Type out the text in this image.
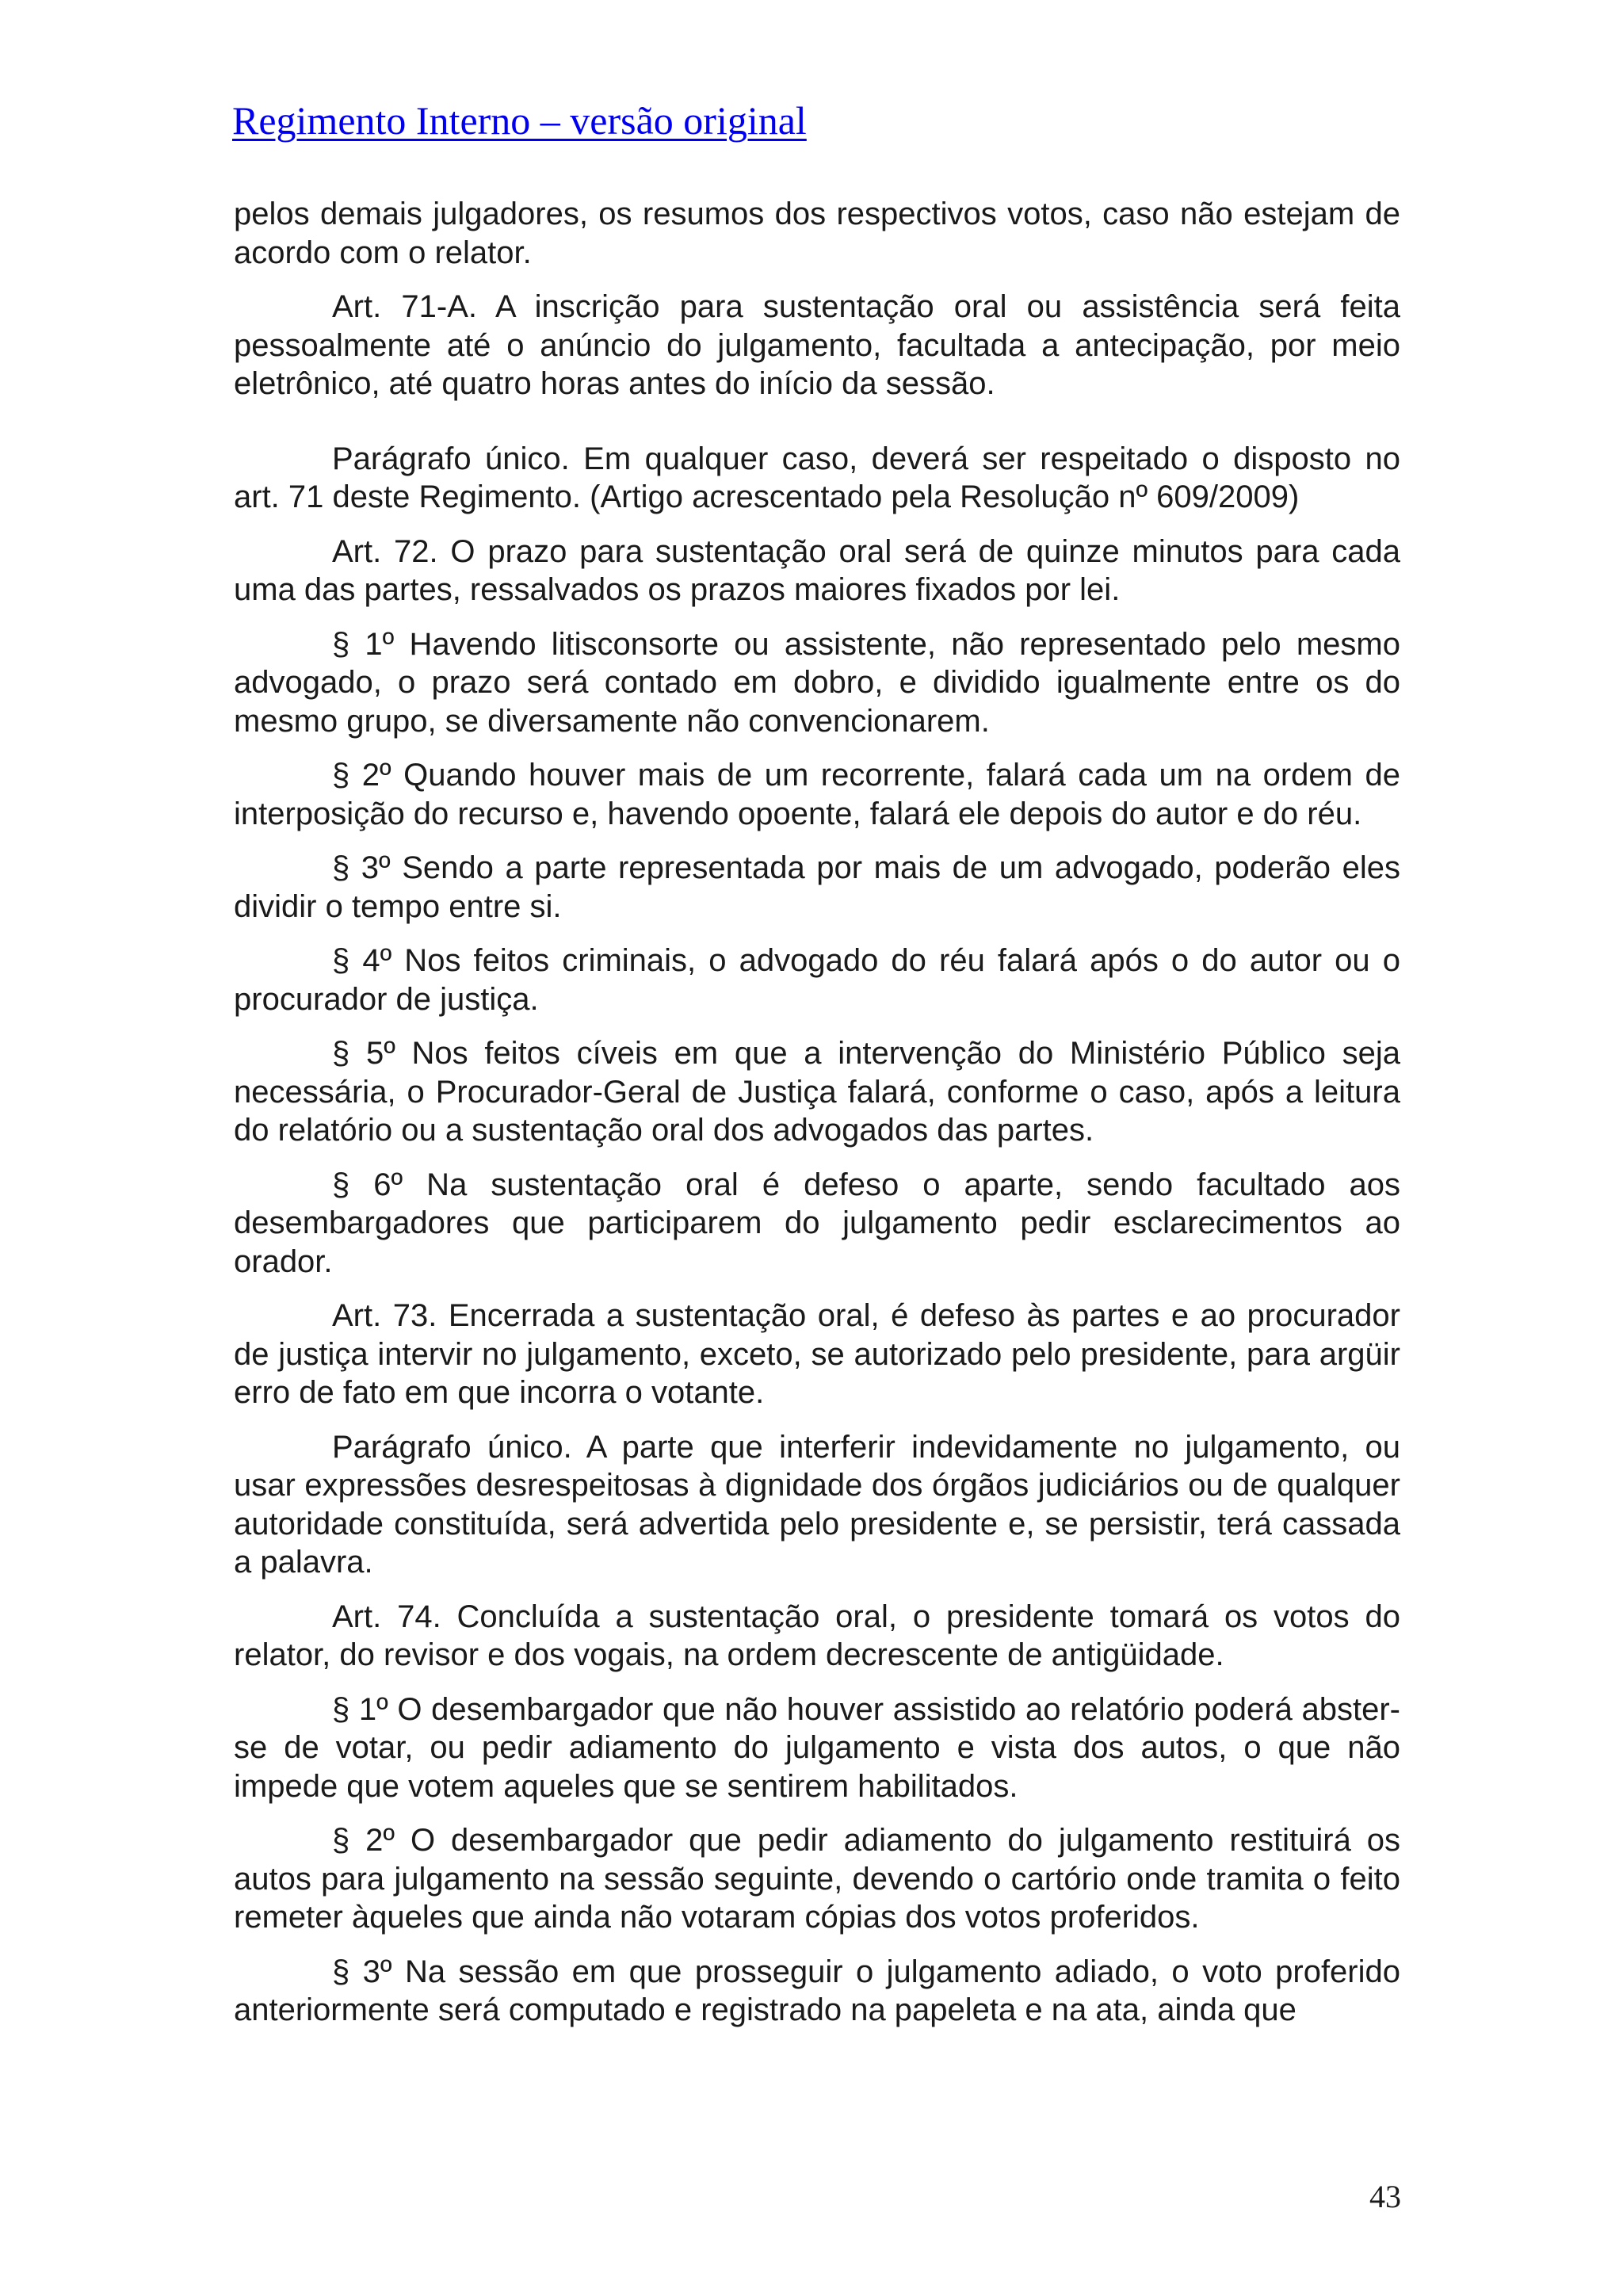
Regimento Interno – versão original

pelos demais julgadores, os resumos dos respectivos votos, caso não estejam de acordo com o relator.

Art. 71-A. A inscrição para sustentação oral ou assistência será feita pessoalmente até o anúncio do julgamento, facultada a antecipação, por meio eletrônico, até quatro horas antes do início da sessão.

Parágrafo único. Em qualquer caso, deverá ser respeitado o disposto no art. 71 deste Regimento. (Artigo acrescentado pela Resolução nº 609/2009)

Art. 72. O prazo para sustentação oral será de quinze minutos para cada uma das partes, ressalvados os prazos maiores fixados por lei.

§ 1º Havendo litisconsorte ou assistente, não representado pelo mesmo advogado, o prazo será contado em dobro, e dividido igualmente entre os do mesmo grupo, se diversamente não convencionarem.

§ 2º Quando houver mais de um recorrente, falará cada um na ordem de interposição do recurso e, havendo opoente, falará ele depois do autor e do réu.

§ 3º Sendo a parte representada por mais de um advogado, poderão eles dividir o tempo entre si.

§ 4º Nos feitos criminais, o advogado do réu falará após o do autor ou o procurador de justiça.

§ 5º Nos feitos cíveis em que a intervenção do Ministério Público seja necessária, o Procurador-Geral de Justiça falará, conforme o caso, após a leitura do relatório ou a sustentação oral dos advogados das partes.

§ 6º Na sustentação oral é defeso o aparte, sendo facultado aos desembargadores que participarem do julgamento pedir esclarecimentos ao orador.

Art. 73. Encerrada a sustentação oral, é defeso às partes e ao procurador de justiça intervir no julgamento, exceto, se autorizado pelo presidente, para argüir erro de fato em que incorra o votante.

Parágrafo único. A parte que interferir indevidamente no julgamento, ou usar expressões desrespeitosas à dignidade dos órgãos judiciários ou de qualquer autoridade constituída, será advertida pelo presidente e, se persistir, terá cassada a palavra.

Art. 74. Concluída a sustentação oral, o presidente tomará os votos do relator, do revisor e dos vogais, na ordem decrescente de antigüidade.

§ 1º O desembargador que não houver assistido ao relatório poderá abster-se de votar, ou pedir adiamento do julgamento e vista dos autos, o que não impede que votem aqueles que se sentirem habilitados.

§ 2º O desembargador que pedir adiamento do julgamento restituirá os autos para julgamento na sessão seguinte, devendo o cartório onde tramita o feito remeter àqueles que ainda não votaram cópias dos votos proferidos.

§ 3º Na sessão em que prosseguir o julgamento adiado, o voto proferido anteriormente será computado e registrado na papeleta e na ata, ainda que

43
